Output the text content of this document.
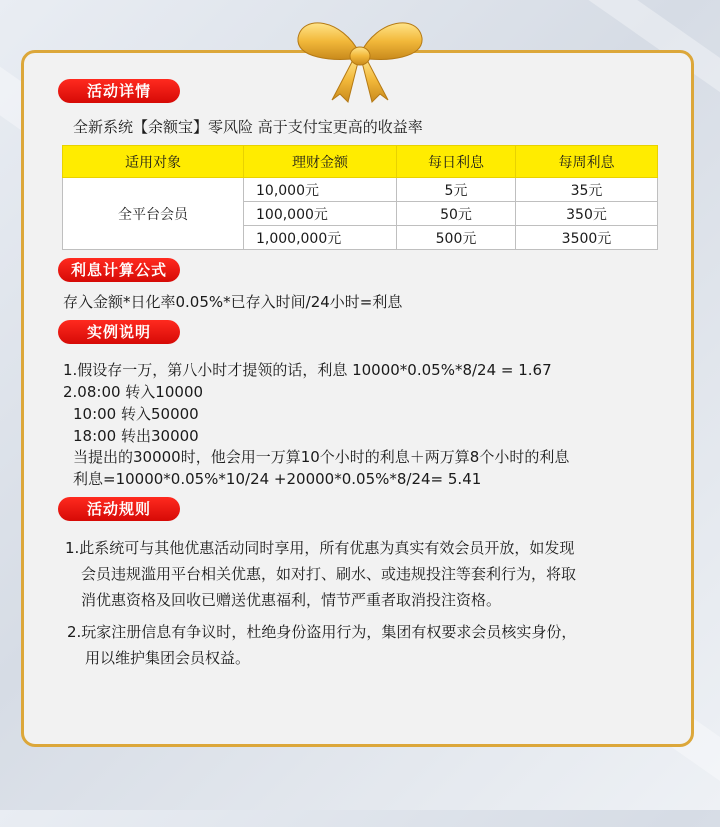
活动详情
全新系统【余额宝】零风险 高于支付宝更高的收益率
适用对象	理财金额	每日利息	每周利息
全平台会员	10,000元	5元	35元
	100,000元	50元	350元
	1,000,000元	500元	3500元
利息计算公式
存入金额*日化率0.05%*已存入时间/24小时=利息
实例说明
1.假设存一万，第八小时才提领的话，利息 10000*0.05%*8/24 = 1.67
2.08:00 转入10000
10:00 转入50000
18:00 转出30000
当提出的30000时，他会用一万算10个小时的利息＋两万算8个小时的利息
利息=10000*0.05%*10/24 +20000*0.05%*8/24= 5.41
活动规则
1.此系统可与其他优惠活动同时享用，所有优惠为真实有效会员开放，如发现
会员违规滥用平台相关优惠，如对打、刷水、或违规投注等套利行为，将取
消优惠资格及回收已赠送优惠福利，情节严重者取消投注资格。
2.玩家注册信息有争议时，杜绝身份盗用行为，集团有权要求会员核实身份，
用以维护集团会员权益。
